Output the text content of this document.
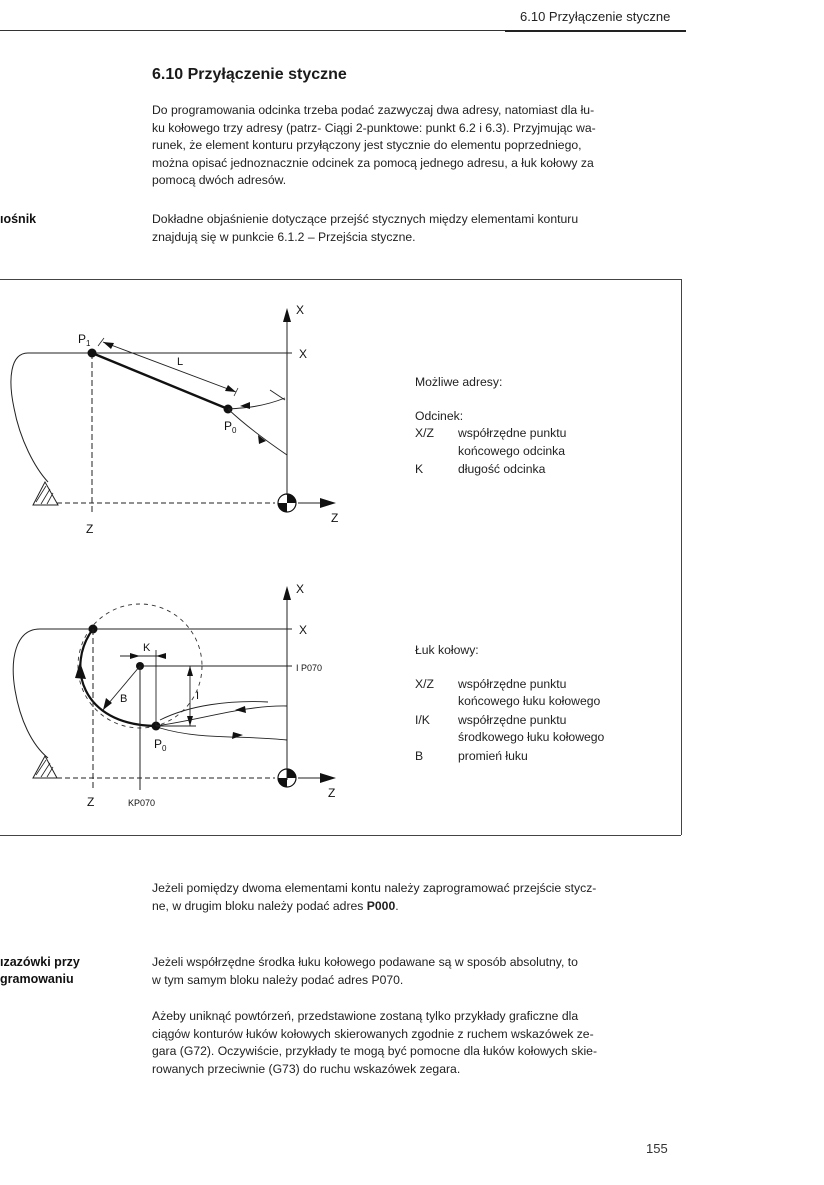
6.10 Przyłączenie styczne
6.10 Przyłączenie styczne
Do programowania odcinka trzeba podać zazwyczaj dwa adresy, natomiast dla łu-
ku kołowego trzy adresy (patrz- Ciągi 2-punktowe: punkt 6.2 i 6.3). Przyjmując wa-
runek, że element konturu przyłączony jest stycznie do elementu poprzedniego,
można opisać jednoznacznie odcinek za pomocą jednego adresu, a łuk kołowy za
pomocą dwóch adresów.
ıośnik	Dokładne objaśnienie dotyczące przejść stycznych między elementami konturu
znajdują się w punkcie 6.1.2 – Przejścia styczne.
$P_1$
$P_0$
L
X
X
Z
Z
Możliwe adresy:
Odcinek:
X/Z współrzędne punktu
końcowego odcinka
K	długość odcinka
X
X
I P070
K
I
B
$P_0$
Z	KP070
Z
Łuk kołowy:
X/Z współrzędne punktu
końcowego łuku kołowego
I/K współrzędne punktu
środkowego łuku kołowego
B	promień łuku
Jeżeli pomiędzy dwoma elementami kontu należy zaprogramować przejście stycz-
ne, w drugim bloku należy podać adres P000.
ızazówki przy
gramowaniu
Jeżeli współrzędne środka łuku kołowego podawane są w sposób absolutny, to
w tym samym bloku należy podać adres P070.
Ażeby uniknąć powtórzeń, przedstawione zostaną tylko przykłady graficzne dla
ciągów konturów łuków kołowych skierowanych zgodnie z ruchem wskazówek ze-
gara (G72). Oczywiście, przykłady te mogą być pomocne dla łuków kołowych skie-
rowanych przeciwnie (G73) do ruchu wskazówek zegara.
155
